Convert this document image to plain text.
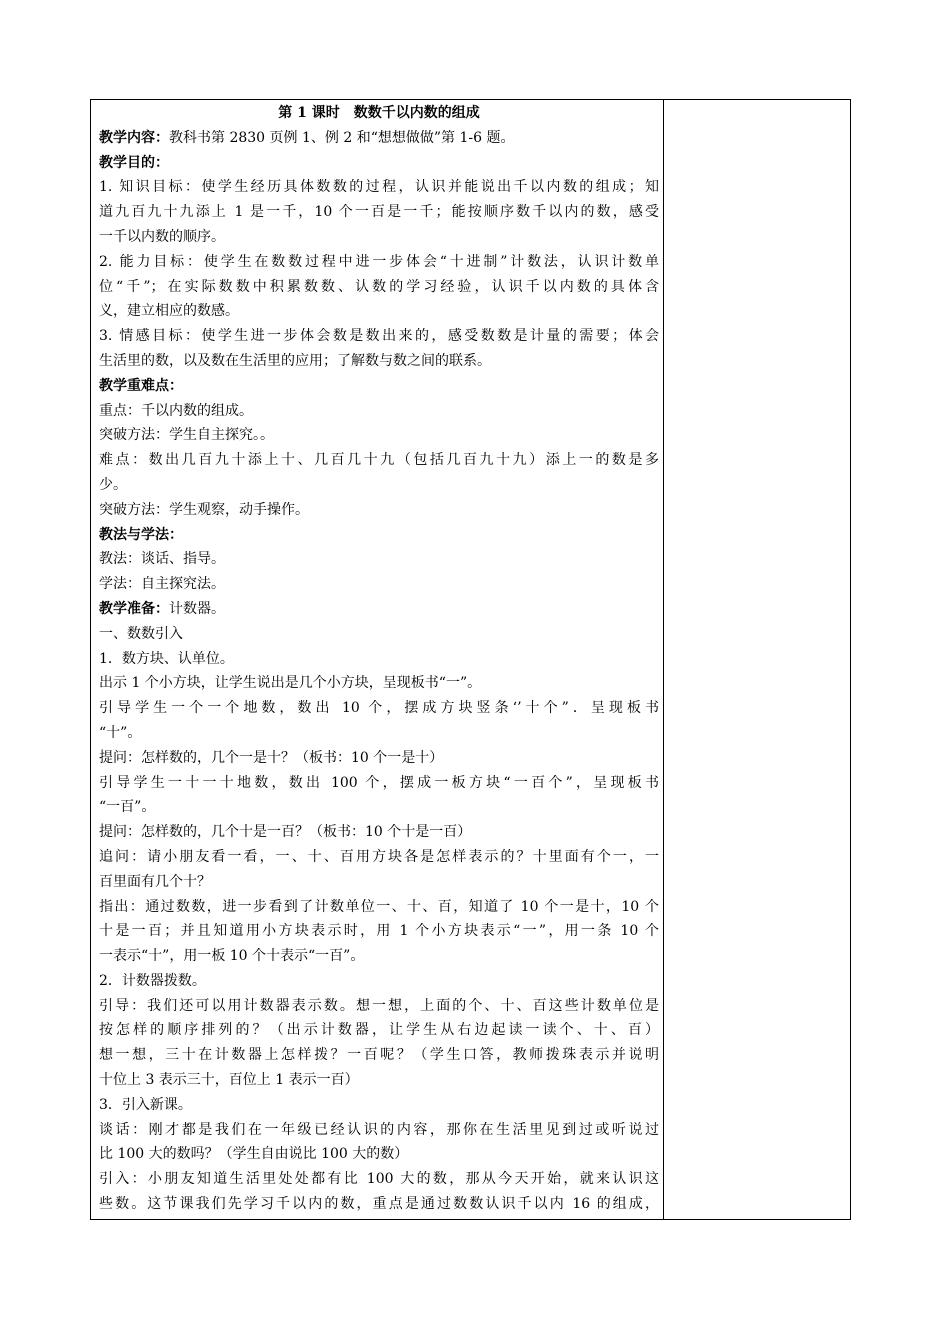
第 1 课时　数数千以内数的组成
教学内容：教科书第 2830 页例 1、例 2 和“想想做做”第 1-6 题。
教学目的：
1. 知识目标：使学生经历具体数数的过程，认识并能说出千以内数的组成；知
道九百九十九添上 1 是一千，10 个一百是一千；能按顺序数千以内的数，感受
一千以内数的顺序。
2. 能力目标：使学生在数数过程中进一步体会“十进制”计数法，认识计数单
位“千”；在实际数数中积累数数、认数的学习经验，认识千以内数的具体含
义，建立相应的数感。
3. 情感目标：使学生进一步体会数是数出来的，感受数数是计量的需要；体会
生活里的数，以及数在生活里的应用；了解数与数之间的联系。
教学重难点：
重点：千以内数的组成。
突破方法：学生自主探究。。
难点：数出几百九十添上十、几百几十九（包括几百九十九）添上一的数是多
少。
突破方法：学生观察，动手操作。
教法与学法：
教法：谈话、指导。
学法：自主探究法。
教学准备：计数器。
一、数数引入
1．数方块、认单位。
出示 1 个小方块，让学生说出是几个小方块，呈现板书“一”。
引导学生一个一个地数，数出 10 个，摆成方块竖条‘’十个”．呈现板书
“十”。
提问：怎样数的，几个一是十？（板书：10 个一是十）
引导学生一十一十地数，数出 100 个，摆成一板方块“一百个”，呈现板书
“一百”。
提问：怎样数的，几个十是一百？（板书：10 个十是一百）
追问：请小朋友看一看，一、十、百用方块各是怎样表示的？十里面有个一，一
百里面有几个十？
指出：通过数数，进一步看到了计数单位一、十、百，知道了 10 个一是十，10 个
十是一百；并且知道用小方块表示时，用 1 个小方块表示“一”，用一条 10 个
一表示“十”，用一板 10 个十表示“一百”。
2．计数器拨数。
引导：我们还可以用计数器表示数。想一想，上面的个、十、百这些计数单位是
按怎样的顺序排列的？（出示计数器，让学生从右边起读一读个、十、百）
想一想，三十在计数器上怎样拨？一百呢？（学生口答，教师拨珠表示并说明
十位上 3 表示三十，百位上 1 表示一百）
3．引入新课。
谈话：刚才都是我们在一年级已经认识的内容，那你在生活里见到过或听说过
比 100 大的数吗？（学生自由说比 100 大的数）
引入：小朋友知道生活里处处都有比 100 大的数，那从今天开始，就来认识这
些数。这节课我们先学习千以内的数，重点是通过数数认识千以内 16 的组成，
